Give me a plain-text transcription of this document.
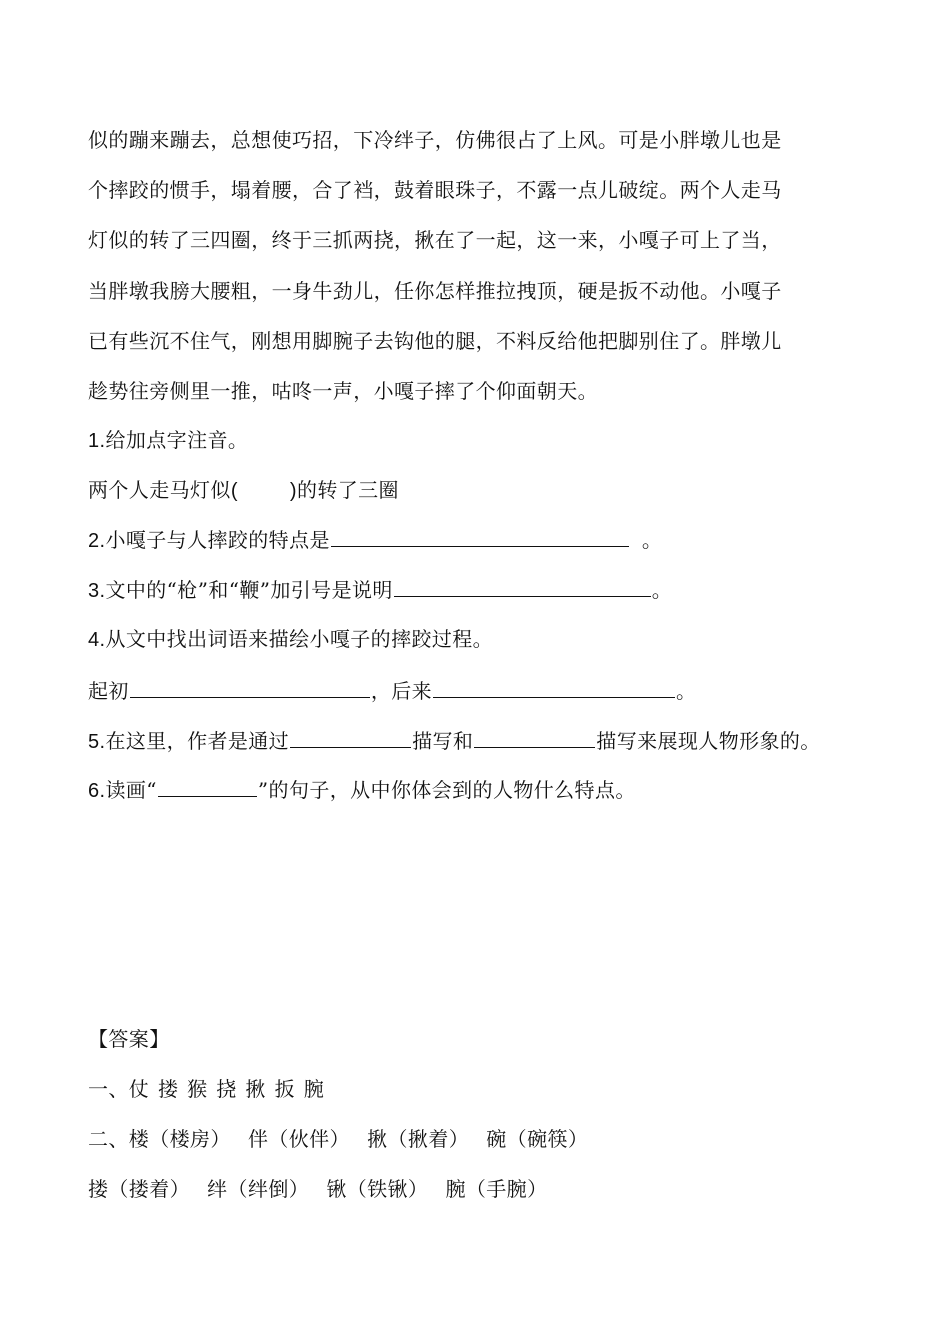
似的蹦来蹦去，总想使巧招，下冷绊子，仿佛很占了上风。可是小胖墩儿也是
个摔跤的惯手，塌着腰，合了裆，鼓着眼珠子，不露一点儿破绽。两个人走马
灯似的转了三四圈，终于三抓两挠，揪在了一起，这一来，小嘎子可上了当，
当胖墩我膀大腰粗，一身牛劲儿，任你怎样推拉拽顶，硬是扳不动他。小嘎子
已有些沉不住气，刚想用脚腕子去钩他的腿，不料反给他把脚别住了。胖墩儿
趁势往旁侧里一推，咕咚一声，小嘎子摔了个仰面朝天。
1.给加点字注音。
两个人走马灯似(	)的转了三圈
2.小嘎子与人摔跤的特点是	。
3.文中的“枪”和“鞭”加引号是说明	。
4.从文中找出词语来描绘小嘎子的摔跤过程。
起初	，后来	。
5.在这里，作者是通过	描写和	描写来展现人物形象的。
6.读画“	”的句子，从中你体会到的人物什么特点。
【答案】
一、仗 搂 猴 挠 揪 扳 腕
二、楼（楼房）　 伴（伙伴）　 揪（揪着）　 碗（碗筷）
搂（搂着）　 绊（绊倒）　 锹（铁锹）　 腕（手腕）
